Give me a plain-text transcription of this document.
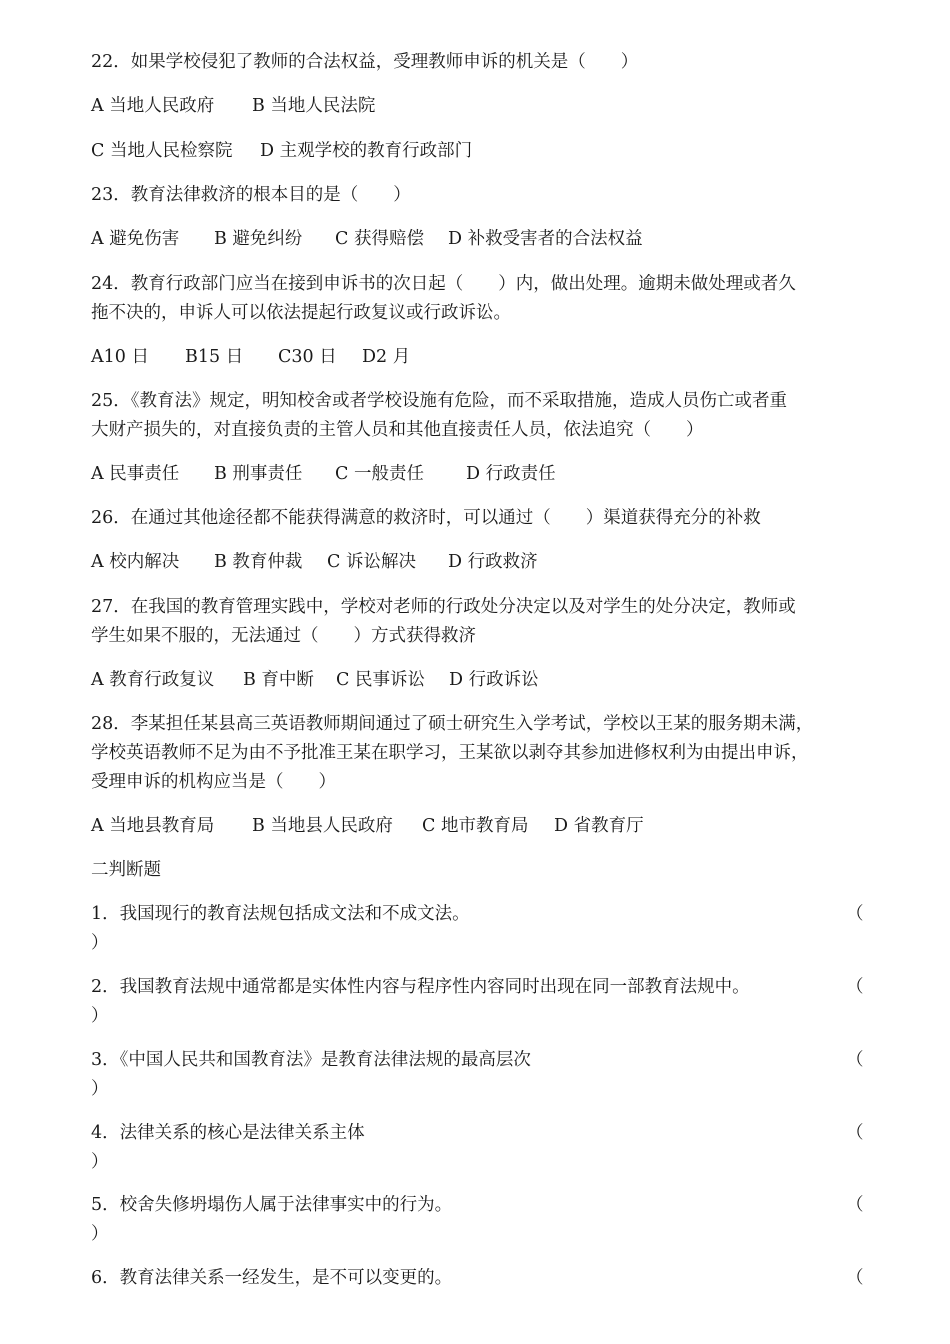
22．如果学校侵犯了教师的合法权益，受理教师申诉的机关是（　　）

A 当地人民政府 B 当地人民法院

C 当地人民检察院 D 主观学校的教育行政部门

23．教育法律救济的根本目的是（　　）

A 避免伤害 B 避免纠纷 C 获得赔偿 D 补救受害者的合法权益

24．教育行政部门应当在接到申诉书的次日起（　　）内，做出处理。逾期未做处理或者久

拖不决的，申诉人可以依法提起行政复议或行政诉讼。

A10 日 B15 日 C30 日 D2 月

25．《教育法》规定，明知校舍或者学校设施有危险，而不采取措施，造成人员伤亡或者重

大财产损失的，对直接负责的主管人员和其他直接责任人员，依法追究（　　）

A 民事责任 B 刑事责任 C 一般责任 D 行政责任

26．在通过其他途径都不能获得满意的救济时，可以通过（　　）渠道获得充分的补救

A 校内解决 B 教育仲裁 C 诉讼解决 D 行政救济

27．在我国的教育管理实践中，学校对老师的行政处分决定以及对学生的处分决定，教师或

学生如果不服的，无法通过（　　）方式获得救济

A 教育行政复议 B 育中断 C 民事诉讼 D 行政诉讼

28．李某担任某县高三英语教师期间通过了硕士研究生入学考试，学校以王某的服务期未满，

学校英语教师不足为由不予批准王某在职学习，王某欲以剥夺其参加进修权利为由提出申诉，

受理申诉的机构应当是（　　）

A 当地县教育局 B 当地县人民政府 C 地市教育局 D 省教育厅

二判断题

1．我国现行的教育法规包括成文法和不成文法。	（
）
2．我国教育法规中通常都是实体性内容与程序性内容同时出现在同一部教育法规中。	（
）
3．《中国人民共和国教育法》是教育法律法规的最高层次	（
）
4．法律关系的核心是法律关系主体	（
）
5．校舍失修坍塌伤人属于法律事实中的行为。	（
）
6．教育法律关系一经发生，是不可以变更的。	（
